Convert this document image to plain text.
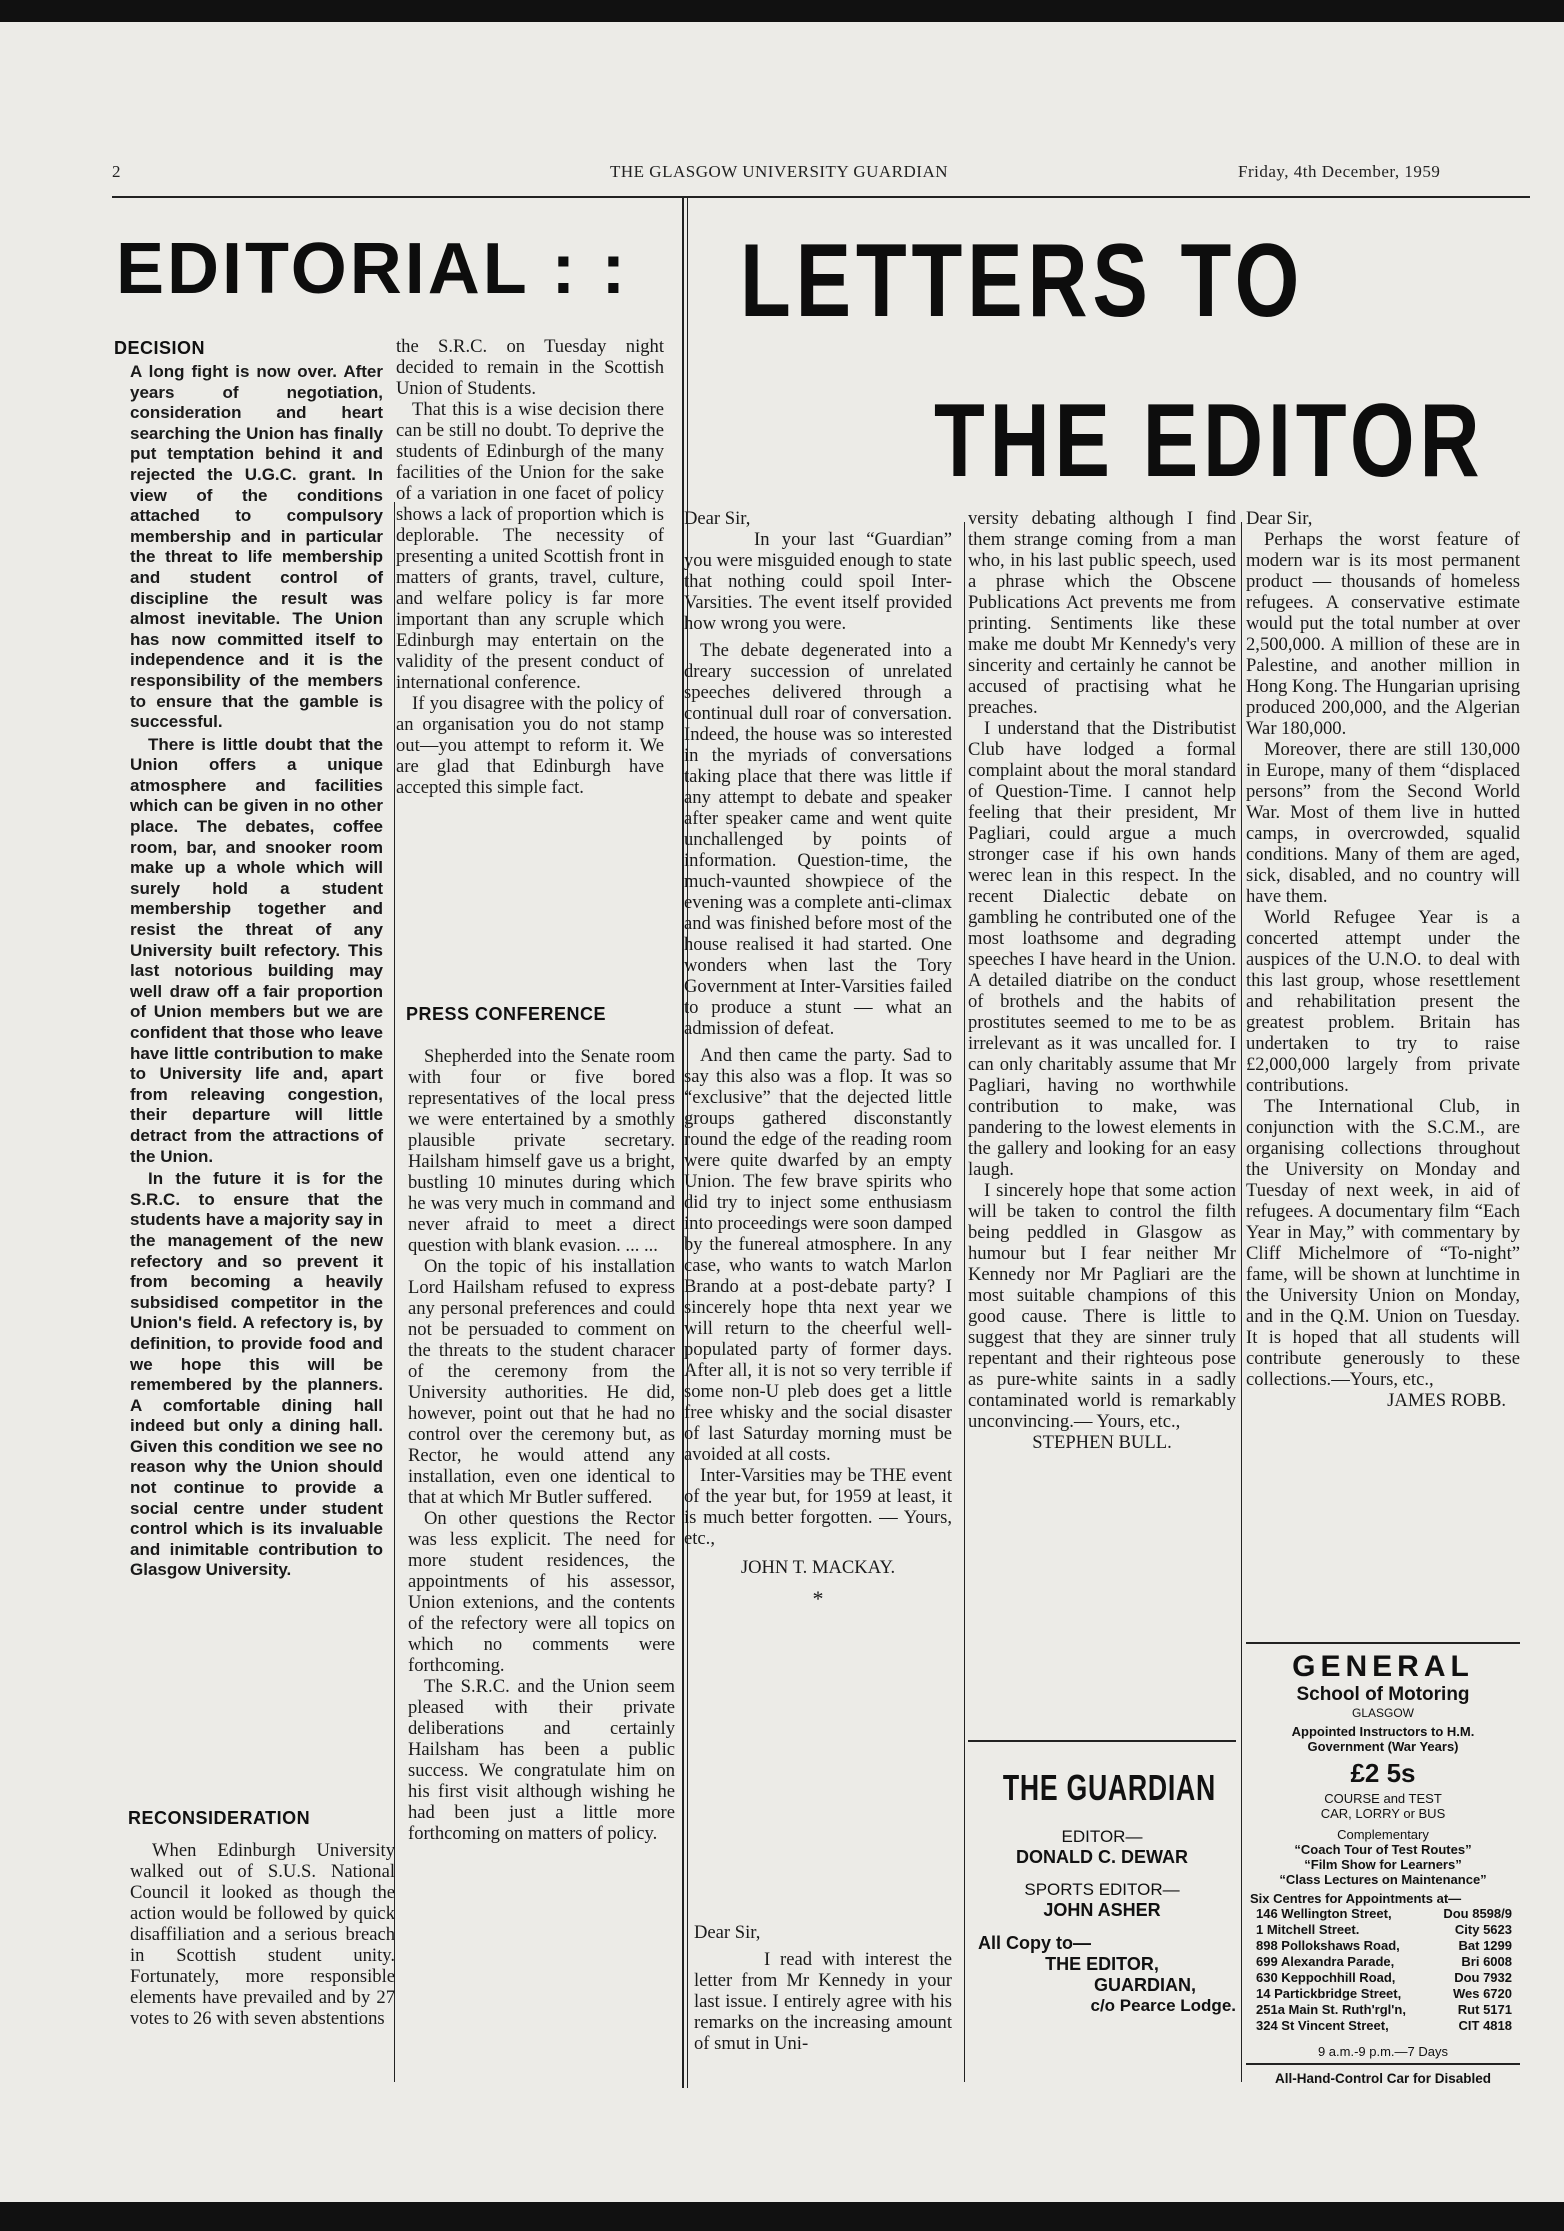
2	THE GLASGOW UNIVERSITY GUARDIAN	Friday, 4th December, 1959
EDITORIAL : :
DECISION

A long fight is now over. After years of negotiation, consideration and heart searching the Union has finally put temptation behind it and rejected the U.G.C. grant. In view of the conditions attached to compulsory membership and in particular the threat to life membership and student control of discipline the result was almost inevitable. The Union has now committed itself to independence and it is the responsibility of the members to ensure that the gamble is successful.

There is little doubt that the Union offers a unique atmosphere and facilities which can be given in no other place. The debates, coffee room, bar, and snooker room make up a whole which will surely hold a student membership together and resist the threat of any University built refectory. This last notorious building may well draw off a fair proportion of Union members but we are confident that those who leave have little contribution to make to University life and, apart from releaving congestion, their departure will little detract from the attractions of the Union.

In the future it is for the S.R.C. to ensure that the students have a majority say in the management of the new refectory and so prevent it from becoming a heavily subsidised competitor in the Union's field. A refectory is, by definition, to provide food and we hope this will be remembered by the planners. A comfortable dining hall indeed but only a dining hall. Given this condition we see no reason why the Union should not continue to provide a social centre under student control which is its invaluable and inimitable contribution to Glasgow University.

RECONSIDERATION
When Edinburgh University walked out of S.U.S. National Council it looked as though the action would be followed by quick disaffiliation and a serious breach in Scottish student unity. Fortunately, more responsible elements have prevailed and by 27 votes to 26 with seven abstentions

the S.R.C. on Tuesday night decided to remain in the Scottish Union of Students.

That this is a wise decision there can be still no doubt. To deprive the students of Edinburgh of the many facilities of the Union for the sake of a variation in one facet of policy shows a lack of proportion which is deplorable. The necessity of presenting a united Scottish front in matters of grants, travel, culture, and welfare policy is far more important than any scruple which Edinburgh may entertain on the validity of the present conduct of international conference.

If you disagree with the policy of an organisation you do not stamp out—you attempt to reform it. We are glad that Edinburgh have accepted this simple fact.

PRESS CONFERENCE

Shepherded into the Senate room with four or five bored representatives of the local press we were entertained by a smothly plausible private secretary. Hailsham himself gave us a bright, bustling 10 minutes during which he was very much in command and never afraid to meet a direct question with blank evasion. ... ...

On the topic of his installation Lord Hailsham refused to express any personal preferences and could not be persuaded to comment on the threats to the student characer of the ceremony from the University authorities. He did, however, point out that he had no control over the ceremony but, as Rector, he would attend any installation, even one identical to that at which Mr Butler suffered.

On other questions the Rector was less explicit. The need for more student residences, the appointments of his assessor, Union extenions, and the contents of the refectory were all topics on which no comments were forthcoming.

The S.R.C. and the Union seem pleased with their private deliberations and certainly Hailsham has been a public success. We congratulate him on his first visit although wishing he had been just a little more forthcoming on matters of policy.

LETTERS TO
THE EDITOR

Dear Sir,

In your last “Guardian” you were misguided enough to state that nothing could spoil Inter-Varsities. The event itself provided how wrong you were.

The debate degenerated into a dreary succession of unrelated speeches delivered through a continual dull roar of conversation. Indeed, the house was so interested in the myriads of conversations taking place that there was little if any attempt to debate and speaker after speaker came and went quite unchallenged by points of information. Question-time, the much-vaunted showpiece of the evening was a complete anti-climax and was finished before most of the house realised it had started. One wonders when last the Tory Government at Inter-Varsities failed to produce a stunt — what an admission of defeat.

And then came the party. Sad to say this also was a flop. It was so “exclusive” that the dejected little groups gathered disconstantly round the edge of the reading room were quite dwarfed by an empty Union. The few brave spirits who did try to inject some enthusiasm into proceedings were soon damped by the funereal atmosphere. In any case, who wants to watch Marlon Brando at a post-debate party? I sincerely hope thta next year we will return to the cheerful well-populated party of former days. After all, it is not so very terrible if some non-U pleb does get a little free whisky and the social disaster of last Saturday morning must be avoided at all costs.

Inter-Varsities may be THE event of the year but, for 1959 at least, it is much better forgotten. — Yours, etc.,

JOHN T. MACKAY.

*

Dear Sir,

I read with interest the letter from Mr Kennedy in your last issue. I entirely agree with his remarks on the increasing amount of smut in Uni-

versity debating although I find them strange coming from a man who, in his last public speech, used a phrase which the Obscene Publications Act prevents me from printing. Sentiments like these make me doubt Mr Kennedy's very sincerity and certainly he cannot be accused of practising what he preaches.

I understand that the Distributist Club have lodged a formal complaint about the moral standard of Question-Time. I cannot help feeling that their president, Mr Pagliari, could argue a much stronger case if his own hands werec lean in this respect. In the recent Dialectic debate on gambling he contributed one of the most loathsome and degrading speeches I have heard in the Union. A detailed diatribe on the conduct of brothels and the habits of prostitutes seemed to me to be as irrelevant as it was uncalled for. I can only charitably assume that Mr Pagliari, having no worthwhile contribution to make, was pandering to the lowest elements in the gallery and looking for an easy laugh.

I sincerely hope that some action will be taken to control the filth being peddled in Glasgow as humour but I fear neither Mr Kennedy nor Mr Pagliari are the most suitable champions of this good cause. There is little to suggest that they are sinner truly repentant and their righteous pose as pure-white saints in a sadly contaminated world is remarkably unconvincing.— Yours, etc.,

STEPHEN BULL.

THE GUARDIAN
EDITOR—
DONALD C. DEWAR
SPORTS EDITOR—
JOHN ASHER
All Copy to—
THE EDITOR,
GUARDIAN,
c/o Pearce Lodge.

Dear Sir,

Perhaps the worst feature of modern war is its most permanent product — thousands of homeless refugees. A conservative estimate would put the total number at over 2,500,000. A million of these are in Palestine, and another million in Hong Kong. The Hungarian uprising produced 200,000, and the Algerian War 180,000.

Moreover, there are still 130,000 in Europe, many of them “displaced persons” from the Second World War. Most of them live in hutted camps, in overcrowded, squalid conditions. Many of them are aged, sick, disabled, and no country will have them.

World Refugee Year is a concerted attempt under the auspices of the U.N.O. to deal with this last group, whose resettlement and rehabilitation present the greatest problem. Britain has undertaken to try to raise £2,000,000 largely from private contributions.

The International Club, in conjunction with the S.C.M., are organising collections throughout the University on Monday and Tuesday of next week, in aid of refugees. A documentary film “Each Year in May,” with commentary by Cliff Michelmore of “To-night” fame, will be shown at lunchtime in the University Union on Monday, and in the Q.M. Union on Tuesday. It is hoped that all students will contribute generously to these collections.—Yours, etc.,

JAMES ROBB.

GENERAL
School of Motoring
GLASGOW
Appointed Instructors to H.M.
Government (War Years)
£2 5s
COURSE and TEST
CAR, LORRY or BUS
Complementary
“Coach Tour of Test Routes”
“Film Show for Learners”
“Class Lectures on Maintenance”
Six Centres for Appointments at—
146 Wellington Street,	Dou 8598/9
1 Mitchell Street.	City 5623
898 Pollokshaws Road,	Bat 1299
699 Alexandra Parade,	Bri 6008
630 Keppochhill Road,	Dou 7932
14 Partickbridge Street,	Wes 6720
251a Main St. Ruth'rgl'n,	Rut 5171
324 St Vincent Street,	CIT 4818
9 a.m.-9 p.m.—7 Days
All-Hand-Control Car for Disabled
